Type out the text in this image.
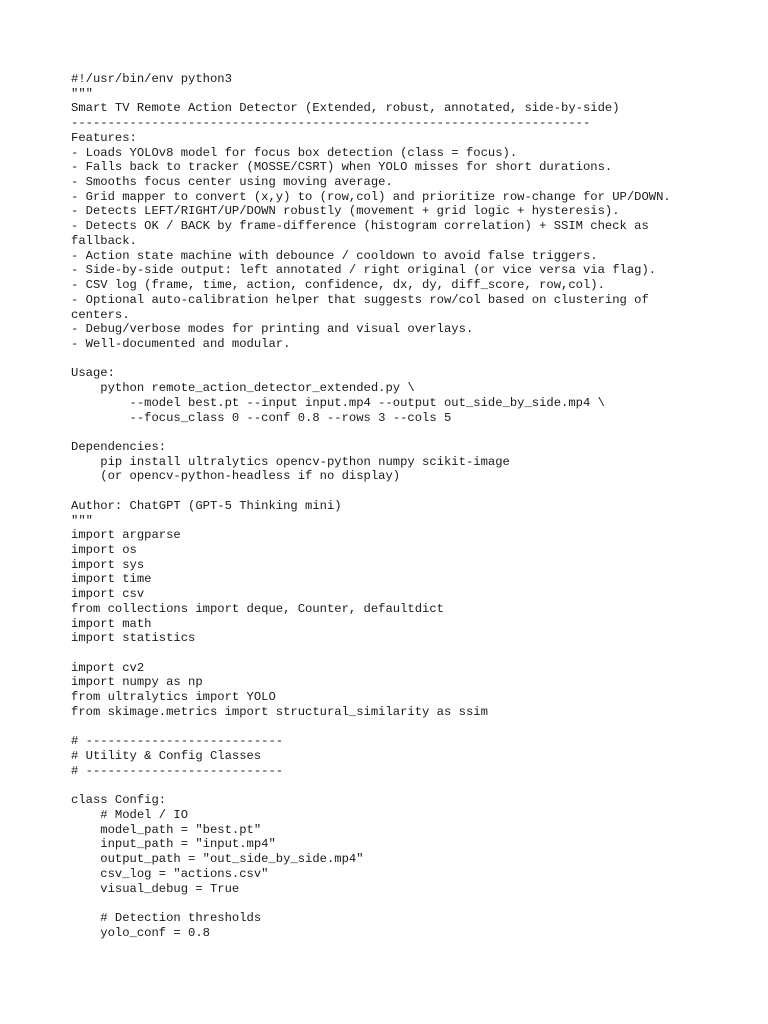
#!/usr/bin/env python3
"""
Smart TV Remote Action Detector (Extended, robust, annotated, side-by-side)
-----------------------------------------------------------------------
Features:
- Loads YOLOv8 model for focus box detection (class = focus).
- Falls back to tracker (MOSSE/CSRT) when YOLO misses for short durations.
- Smooths focus center using moving average.
- Grid mapper to convert (x,y) to (row,col) and prioritize row-change for UP/DOWN.
- Detects LEFT/RIGHT/UP/DOWN robustly (movement + grid logic + hysteresis).
- Detects OK / BACK by frame-difference (histogram correlation) + SSIM check as
fallback.
- Action state machine with debounce / cooldown to avoid false triggers.
- Side-by-side output: left annotated / right original (or vice versa via flag).
- CSV log (frame, time, action, confidence, dx, dy, diff_score, row,col).
- Optional auto-calibration helper that suggests row/col based on clustering of
centers.
- Debug/verbose modes for printing and visual overlays.
- Well-documented and modular.
Usage:
python remote_action_detector_extended.py \
--model best.pt --input input.mp4 --output out_side_by_side.mp4 \
--focus_class 0 --conf 0.8 --rows 3 --cols 5
Dependencies:
pip install ultralytics opencv-python numpy scikit-image
(or opencv-python-headless if no display)
Author: ChatGPT (GPT-5 Thinking mini)
"""
import argparse
import os
import sys
import time
import csv
from collections import deque, Counter, defaultdict
import math
import statistics
import cv2
import numpy as np
from ultralytics import YOLO
from skimage.metrics import structural_similarity as ssim
# ---------------------------
# Utility & Config Classes
# ---------------------------
class Config:
# Model / IO
model_path = "best.pt"
input_path = "input.mp4"
output_path = "out_side_by_side.mp4"
csv_log = "actions.csv"
visual_debug = True
# Detection thresholds
yolo_conf = 0.8
